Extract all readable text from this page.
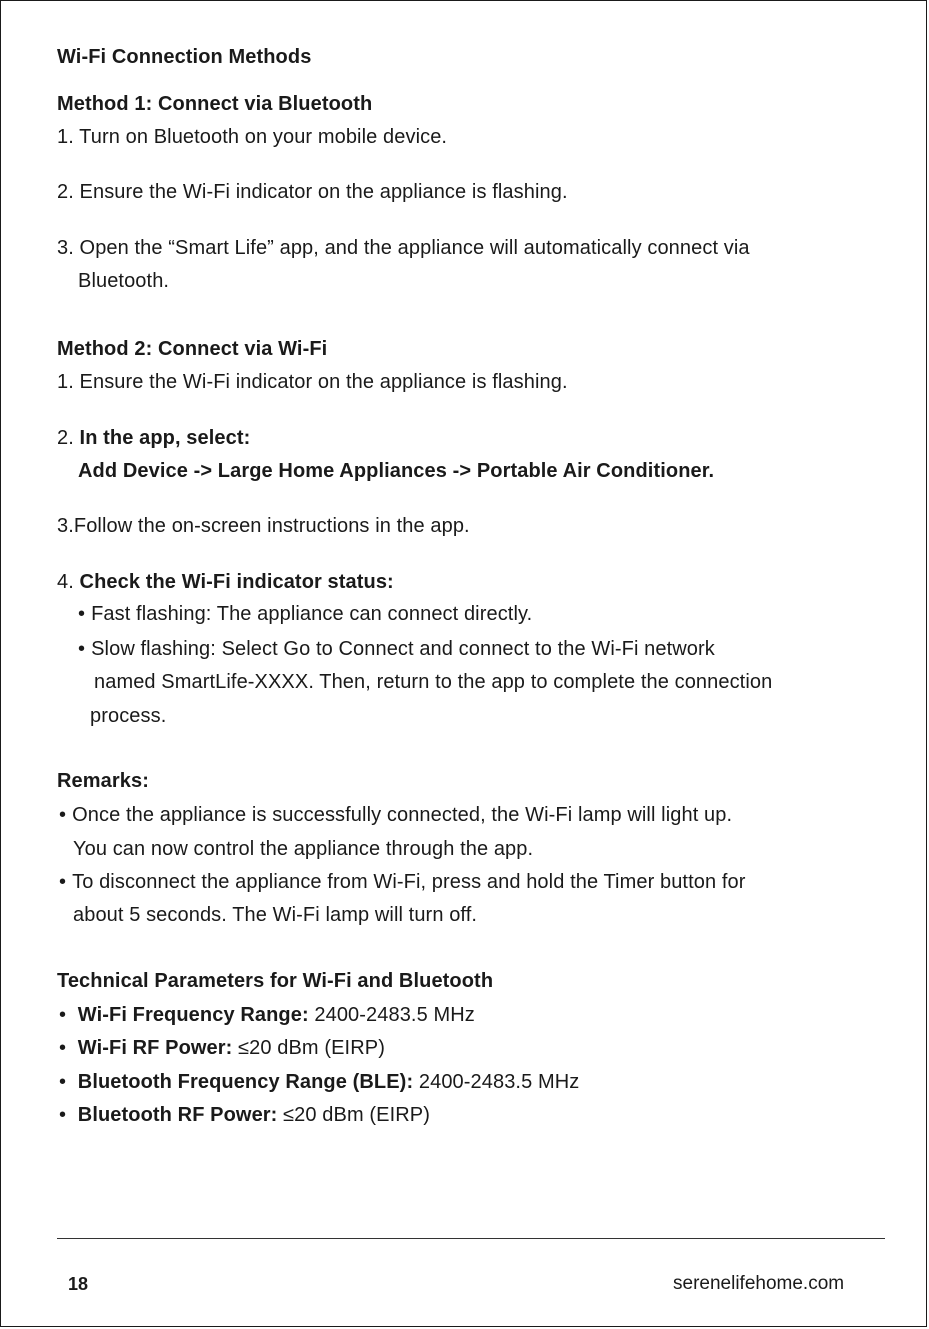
Wi-Fi Connection Methods
Method 1: Connect via Bluetooth
1. Turn on Bluetooth on your mobile device.
2. Ensure the Wi-Fi indicator on the appliance is flashing.
3. Open the “Smart Life” app, and the appliance will automatically connect via
Bluetooth.
Method 2: Connect via Wi-Fi
1. Ensure the Wi-Fi indicator on the appliance is flashing.
2. In the app, select:
Add Device -> Large Home Appliances -> Portable Air Conditioner.
3.Follow the on-screen instructions in the app.
4. Check the Wi-Fi indicator status:
• Fast flashing: The appliance can connect directly.
• Slow flashing: Select Go to Connect and connect to the Wi-Fi network
named SmartLife-XXXX. Then, return to the app to complete the connection
process.
Remarks:
• Once the appliance is successfully connected, the Wi-Fi lamp will light up.
You can now control the appliance through the app.
• To disconnect the appliance from Wi-Fi, press and hold the Timer button for
about 5 seconds. The Wi-Fi lamp will turn off.
Technical Parameters for Wi-Fi and Bluetooth
• Wi-Fi Frequency Range: 2400-2483.5 MHz
• Wi-Fi RF Power: ≤20 dBm (EIRP)
• Bluetooth Frequency Range (BLE): 2400-2483.5 MHz
• Bluetooth RF Power: ≤20 dBm (EIRP)
18	serenelifehome.com
